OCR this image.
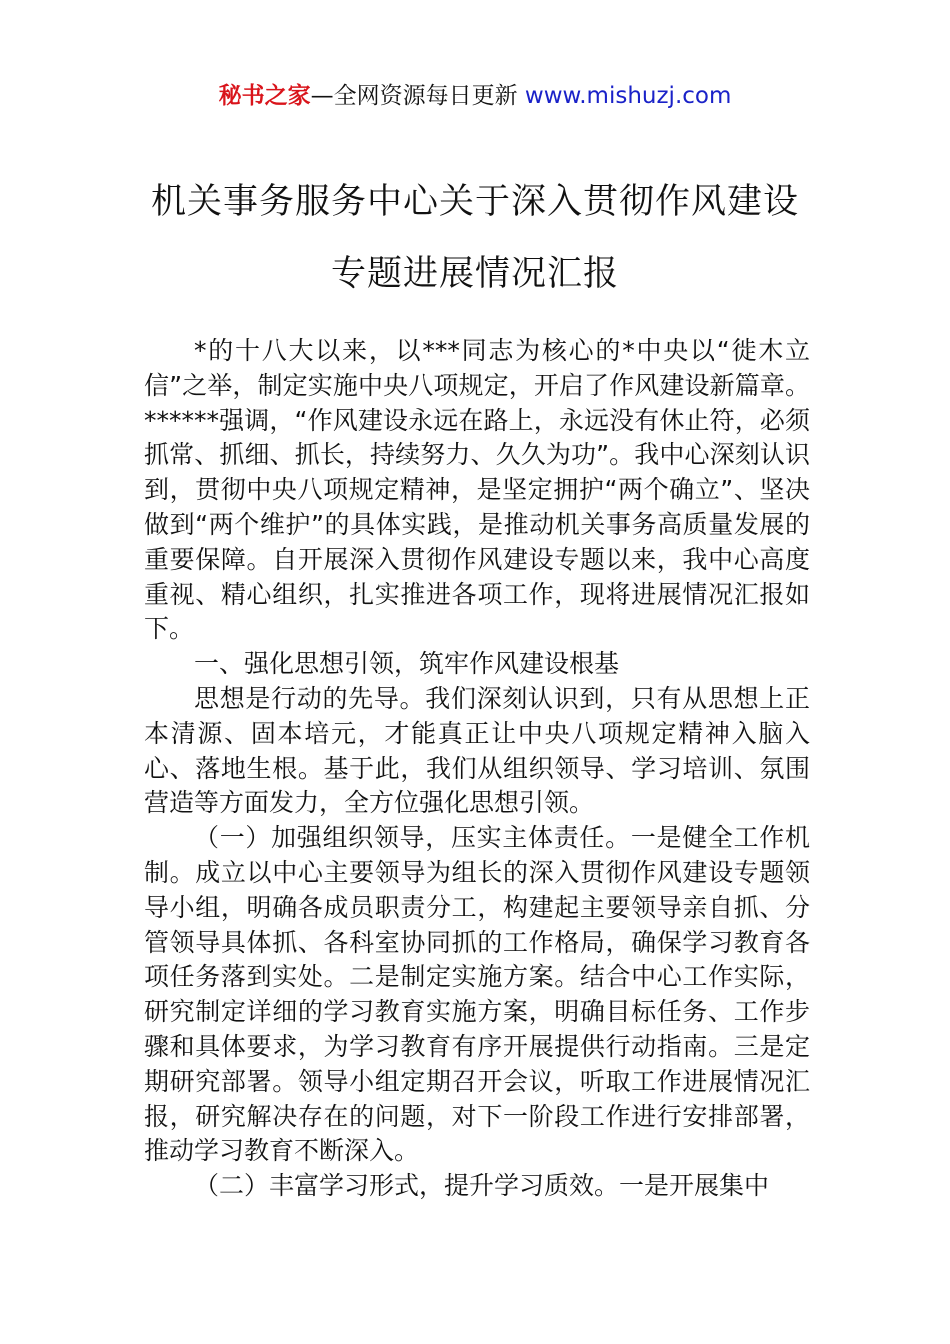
秘书之家—全网资源每日更新 www.mishuzj.com
机关事务服务中心关于深入贯彻作风建设
专题进展情况汇报

*的十八大以来，以***同志为核心的*中央以“徙木立信”之举，制定实施中央八项规定，开启了作风建设新篇章。******强调，“作风建设永远在路上，永远没有休止符，必须抓常、抓细、抓长，持续努力、久久为功”。我中心深刻认识到，贯彻中央八项规定精神，是坚定拥护“两个确立”、坚决做到“两个维护”的具体实践，是推动机关事务高质量发展的重要保障。自开展深入贯彻作风建设专题以来，我中心高度重视、精心组织，扎实推进各项工作，现将进展情况汇报如下。

一、强化思想引领，筑牢作风建设根基

思想是行动的先导。我们深刻认识到，只有从思想上正本清源、固本培元，才能真正让中央八项规定精神入脑入心、落地生根。基于此，我们从组织领导、学习培训、氛围营造等方面发力，全方位强化思想引领。

（一）加强组织领导，压实主体责任。一是健全工作机制。成立以中心主要领导为组长的深入贯彻作风建设专题领导小组，明确各成员职责分工，构建起主要领导亲自抓、分管领导具体抓、各科室协同抓的工作格局，确保学习教育各项任务落到实处。二是制定实施方案。结合中心工作实际，研究制定详细的学习教育实施方案，明确目标任务、工作步骤和具体要求，为学习教育有序开展提供行动指南。三是定期研究部署。领导小组定期召开会议，听取工作进展情况汇报，研究解决存在的问题，对下一阶段工作进行安排部署，推动学习教育不断深入。

（二）丰富学习形式，提升学习质效。一是开展集中
